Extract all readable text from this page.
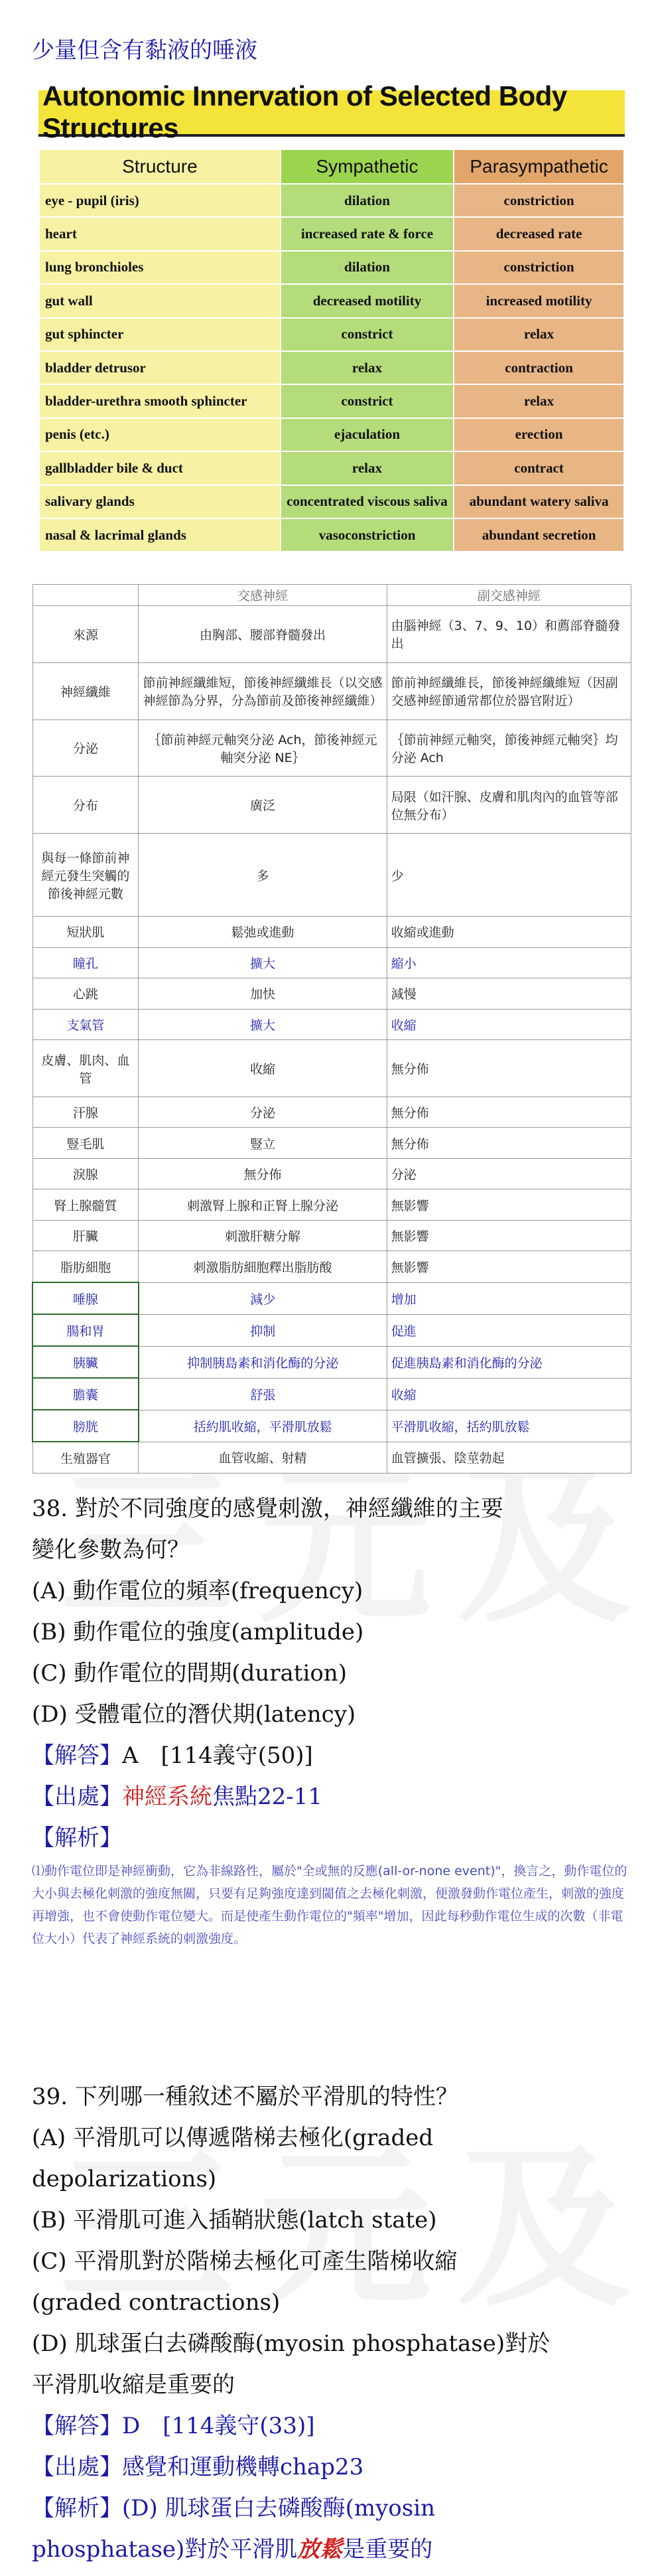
少量但含有黏液的唾液
Autonomic Innervation of Selected Body Structures
Structure	Sympathetic	Parasympathetic
eye - pupil (iris)	dilation	constriction
heart	increased rate & force	decreased rate
lung bronchioles	dilation	constriction
gut wall	decreased motility	increased motility
gut sphincter	constrict	relax
bladder detrusor	relax	contraction
bladder-urethra smooth sphincter	constrict	relax
penis (etc.)	ejaculation	erection
gallbladder bile & duct	relax	contract
salivary glands	concentrated viscous saliva	abundant watery saliva
nasal & lacrimal glands	vasoconstriction	abundant secretion
	交感神經	副交感神經
來源	由胸部、腰部脊髓發出	由腦神經（3、7、9、10）和薦部脊髓發出
神經纖維	節前神經纖維短，節後神經纖維長（以交感神經節為分界，分為節前及節後神經纖維）	節前神經纖維長，節後神經纖維短（因副交感神經節通常都位於器官附近）
分泌	｛節前神經元軸突分泌 Ach，節後神經元軸突分泌 NE｝	｛節前神經元軸突，節後神經元軸突｝均分泌 Ach
分布	廣泛	局限（如汗腺、皮膚和肌肉內的血管等部位無分布）
與每一條節前神經元發生突觸的節後神經元數	多	少
短狀肌	鬆弛或進動	收縮或進動
瞳孔	擴大	縮小
心跳	加快	減慢
支氣管	擴大	收縮
皮膚、肌肉、血管	收縮	無分佈
汗腺	分泌	無分佈
豎毛肌	豎立	無分佈
淚腺	無分佈	分泌
腎上腺髓質	刺激腎上腺和正腎上腺分泌	無影響
肝臟	刺激肝糖分解	無影響
脂肪細胞	刺激脂肪細胞釋出脂肪酸	無影響
唾腺	減少	增加
腸和胃	抑制	促進
胰臟	抑制胰島素和消化酶的分泌	促進胰島素和消化酶的分泌
膽囊	舒張	收縮
膀胱	括約肌收縮，平滑肌放鬆	平滑肌收縮，括約肌放鬆
生殖器官	血管收縮、射精	血管擴張、陰莖勃起
38. 對於不同強度的感覺刺激，神經纖維的主要
變化參數為何？
(A) 動作電位的頻率(frequency)
(B) 動作電位的強度(amplitude)
(C) 動作電位的間期(duration)
(D) 受體電位的潛伏期(latency)
【解答】A　[114義守(50)]
【出處】神經系統焦點22-11
【解析】
⑴動作電位即是神經衝動，它為非線路性，屬於"全或無的反應(all-or-none event)"，換言之，動作電位的大小與去極化刺激的強度無關，只要有足夠強度達到閾值之去極化刺激，便激發動作電位產生，刺激的強度再增強，也不會使動作電位變大。而是使產生動作電位的"頻率"增加，因此每秒動作電位生成的次數（非電位大小）代表了神經系統的刺激強度。
39. 下列哪一種敘述不屬於平滑肌的特性？
(A) 平滑肌可以傳遞階梯去極化(graded
depolarizations)
(B) 平滑肌可進入插鞘狀態(latch state)
(C) 平滑肌對於階梯去極化可產生階梯收縮
(graded contractions)
(D) 肌球蛋白去磷酸酶(myosin phosphatase)對於
平滑肌收縮是重要的
【解答】D　[114義守(33)]
【出處】感覺和運動機轉chap23
【解析】(D) 肌球蛋白去磷酸酶(myosin
phosphatase)對於平滑肌放鬆是重要的
